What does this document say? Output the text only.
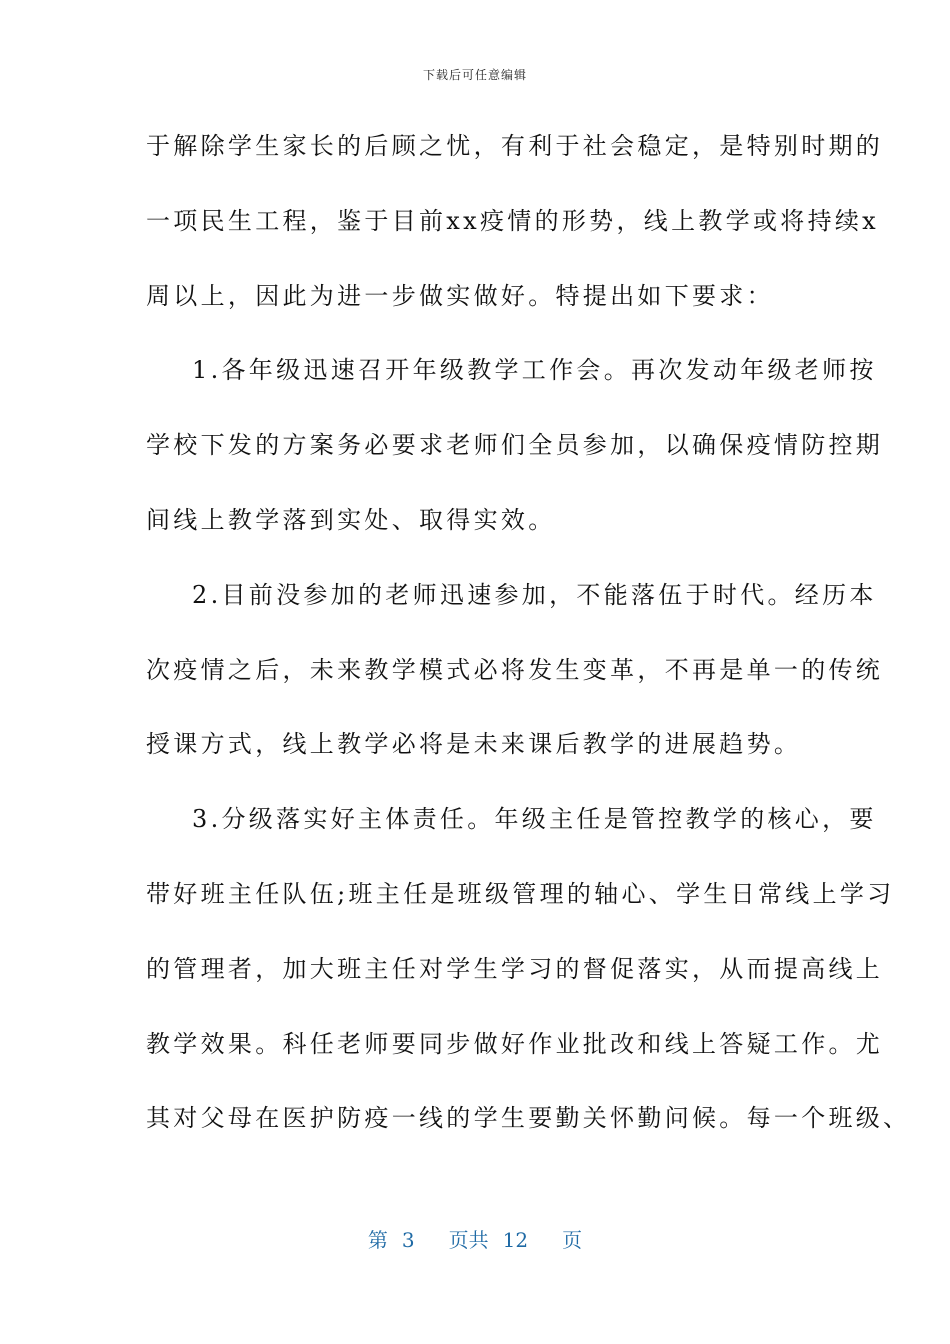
下载后可任意编辑
于解除学生家长的后顾之忧，有利于社会稳定，是特别时期的
一项民生工程，鉴于目前xx疫情的形势，线上教学或将持续x
周以上，因此为进一步做实做好。特提出如下要求：
1.各年级迅速召开年级教学工作会。再次发动年级老师按
学校下发的方案务必要求老师们全员参加，以确保疫情防控期
间线上教学落到实处、取得实效。
2.目前没参加的老师迅速参加，不能落伍于时代。经历本
次疫情之后，未来教学模式必将发生变革，不再是单一的传统
授课方式，线上教学必将是未来课后教学的进展趋势。
3.分级落实好主体责任。年级主任是管控教学的核心，要
带好班主任队伍;班主任是班级管理的轴心、学生日常线上学习
的管理者，加大班主任对学生学习的督促落实，从而提高线上
教学效果。科任老师要同步做好作业批改和线上答疑工作。尤
其对父母在医护防疫一线的学生要勤关怀勤问候。每一个班级、
第 3 页共 12 页
